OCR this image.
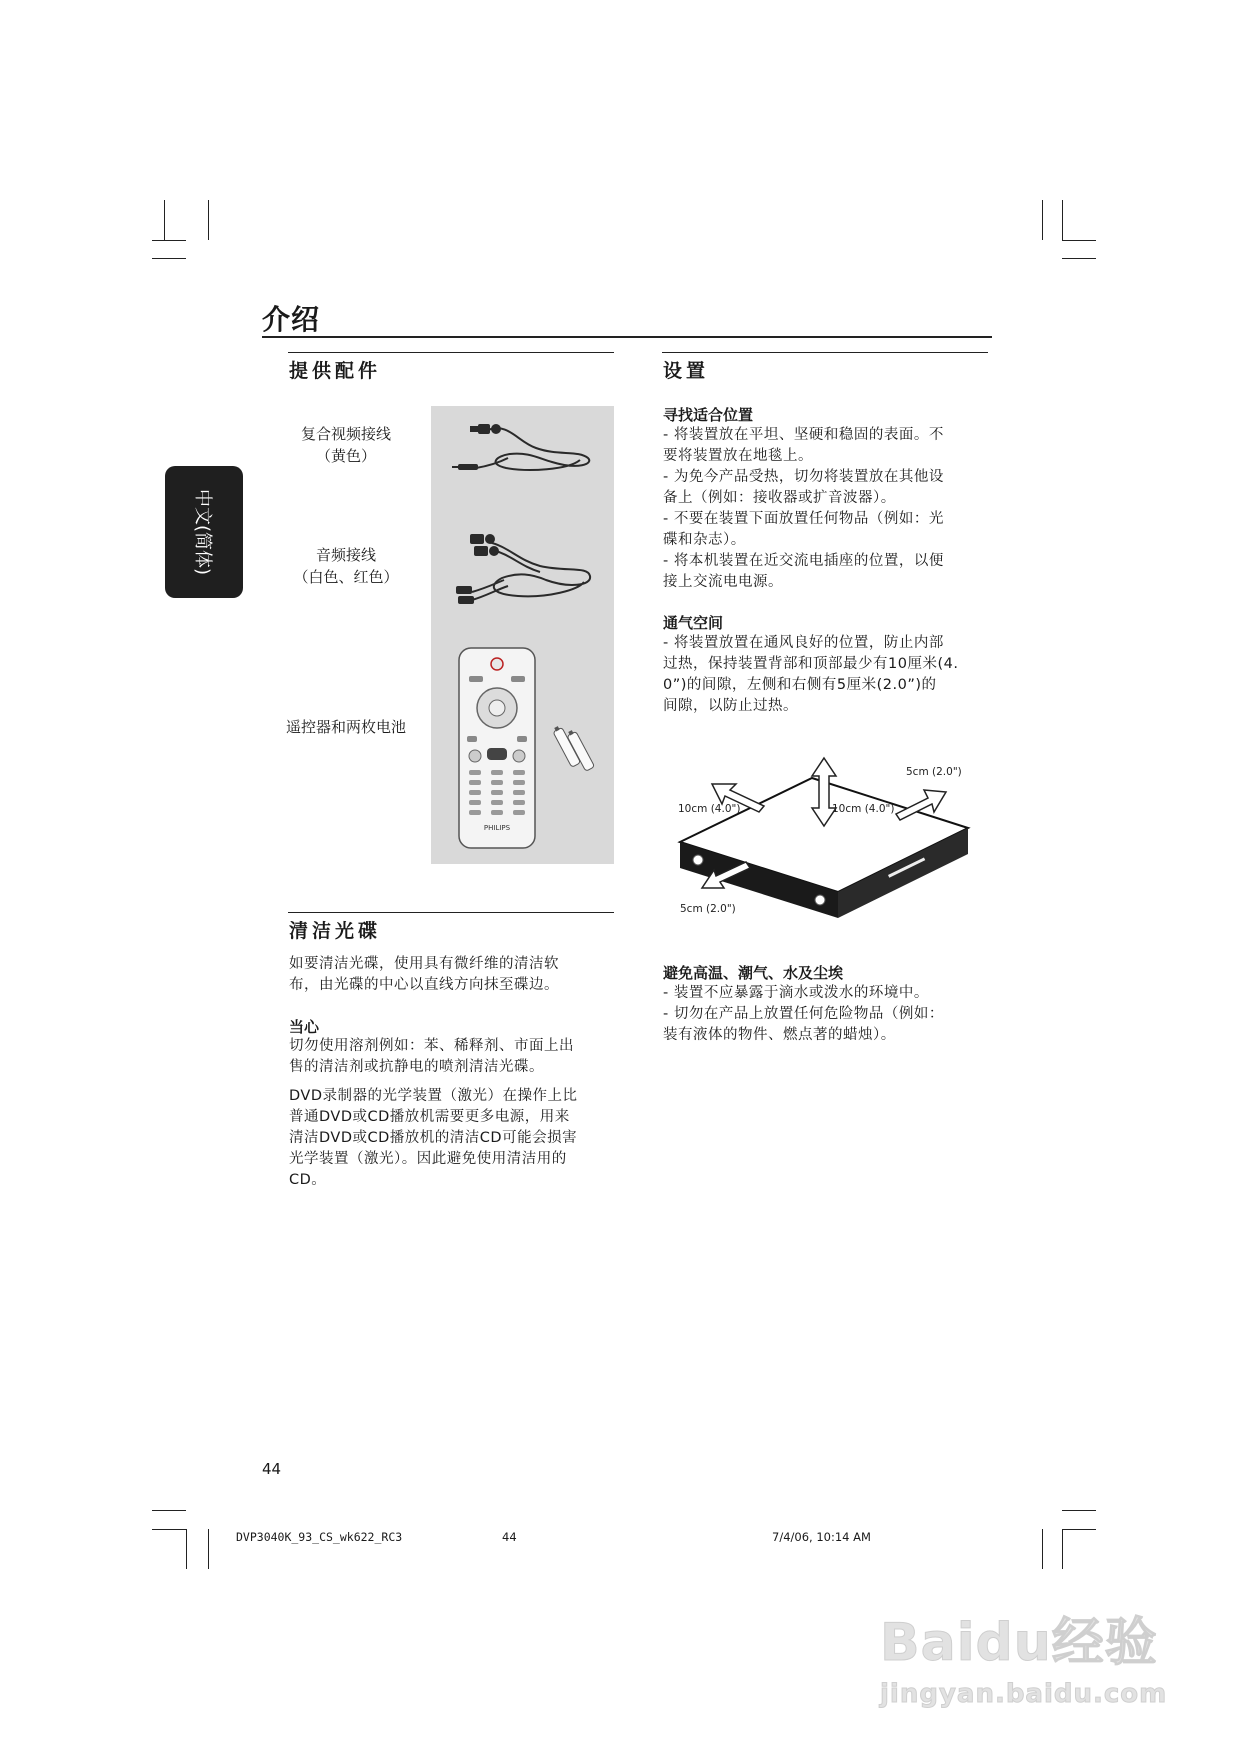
介绍
中文(简体)
提供配件
复合视频接线
（黄色）
音频接线
（白色、红色）
遥控器和两枚电池
PHILIPS
清洁光碟
如要清洁光碟，使用具有微纤维的清洁软
布，由光碟的中心以直线方向抹至碟边。
当心
切勿使用溶剂例如：苯、稀释剂、市面上出
售的清洁剂或抗静电的喷剂清洁光碟。
DVD录制器的光学装置（激光）在操作上比
普通DVD或CD播放机需要更多电源，用来
清洁DVD或CD播放机的清洁CD可能会损害
光学装置（激光）。因此避免使用清洁用的
CD。
设置
寻找适合位置
- 将装置放在平坦、坚硬和稳固的表面。不
要将装置放在地毯上。
- 为免今产品受热，切勿将装置放在其他设
备上（例如：接收器或扩音波器）。
- 不要在装置下面放置任何物品（例如：光
碟和杂志）。
- 将本机装置在近交流电插座的位置，以便
接上交流电电源。
通气空间
- 将装置放置在通风良好的位置，防止内部
过热，保持装置背部和顶部最少有10厘米(4.
0”)的间隙，左侧和右侧有5厘米(2.0”)的
间隙，以防止过热。
5cm (2.0")
10cm (4.0")	10cm (4.0")
5cm (2.0")
避免高温、潮气、水及尘埃
- 装置不应暴露于滴水或泼水的环境中。
- 切勿在产品上放置任何危险物品（例如：
装有液体的物件、燃点著的蜡烛）。
44
DVP3040K_93_CS_wk622_RC3	44	7/4/06, 10:14 AM
Baidu经验
jingyan.baidu.com
